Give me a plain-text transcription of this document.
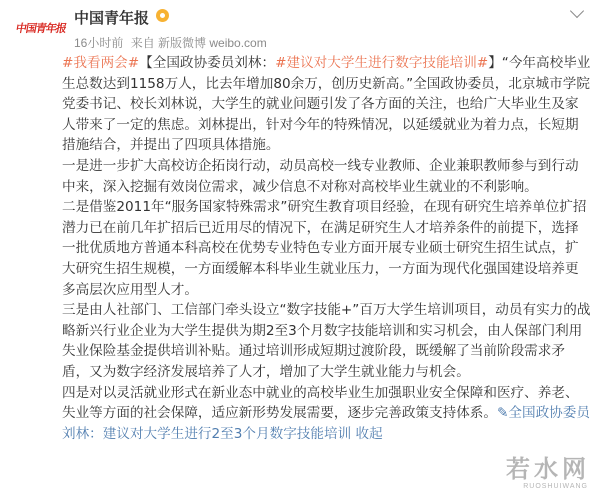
中国青年报
中国青年报
16小时前 来自 新版微博 weibo.com

#我看两会#【全国政协委员刘林：#建议对大学生进行数字技能培训#】“今年高校毕业生总数达到1158万人，比去年增加80余万，创历史新高。”全国政协委员，北京城市学院党委书记、校长刘林说，大学生的就业问题引发了各方面的关注，也给广大毕业生及家人带来了一定的焦虑。刘林提出，针对今年的特殊情况，以延缓就业为着力点，长短期措施结合，并提出了四项具体措施。

一是进一步扩大高校访企拓岗行动，动员高校一线专业教师、企业兼职教师参与到行动中来，深入挖掘有效岗位需求，减少信息不对称对高校毕业生就业的不利影响。

二是借鉴2011年“服务国家特殊需求”研究生教育项目经验，在现有研究生培养单位扩招潜力已在前几年扩招后已近用尽的情况下，在满足研究生人才培养条件的前提下，选择一批优质地方普通本科高校在优势专业特色专业方面开展专业硕士研究生招生试点，扩大研究生招生规模，一方面缓解本科毕业生就业压力，一方面为现代化强国建设培养更多高层次应用型人才。

三是由人社部门、工信部门牵头设立“数字技能+”百万大学生培训项目，动员有实力的战略新兴行业企业为大学生提供为期2至3个月数字技能培训和实习机会，由人保部门利用失业保险基金提供培训补贴。通过培训形成短期过渡阶段，既缓解了当前阶段需求矛盾，又为数字经济发展培养了人才，增加了大学生就业能力与机会。

四是对以灵活就业形式在新业态中就业的高校毕业生加强职业安全保障和医疗、养老、失业等方面的社会保障，适应新形势发展需要，逐步完善政策支持体系。✎全国政协委员刘林：建议对大学生进行2至3个月数字技能培训 收起

若水网
RUOSHUIWANG
